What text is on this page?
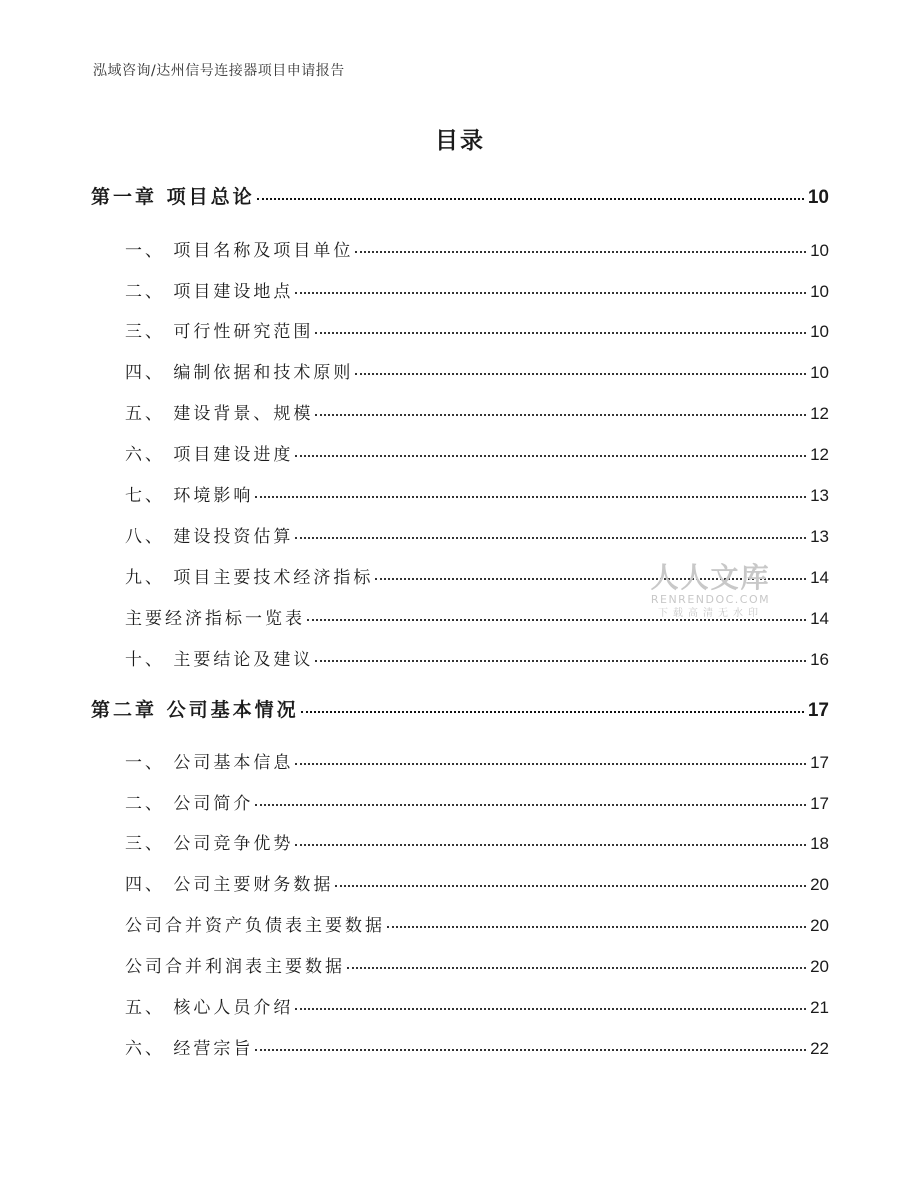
泓域咨询/达州信号连接器项目申请报告
目录
第一章 项目总论	10
一、 项目名称及项目单位	10
二、 项目建设地点	10
三、 可行性研究范围	10
四、 编制依据和技术原则	10
五、 建设背景、规模	12
六、 项目建设进度	12
七、 环境影响	13
八、 建设投资估算	13
九、 项目主要技术经济指标	14
主要经济指标一览表	14
十、 主要结论及建议	16
第二章 公司基本情况	17
一、 公司基本信息	17
二、 公司简介	17
三、 公司竞争优势	18
四、 公司主要财务数据	20
公司合并资产负债表主要数据	20
公司合并利润表主要数据	20
五、 核心人员介绍	21
六、 经营宗旨	22
人人文库
RENRENDOC.COM
下载高清无水印
